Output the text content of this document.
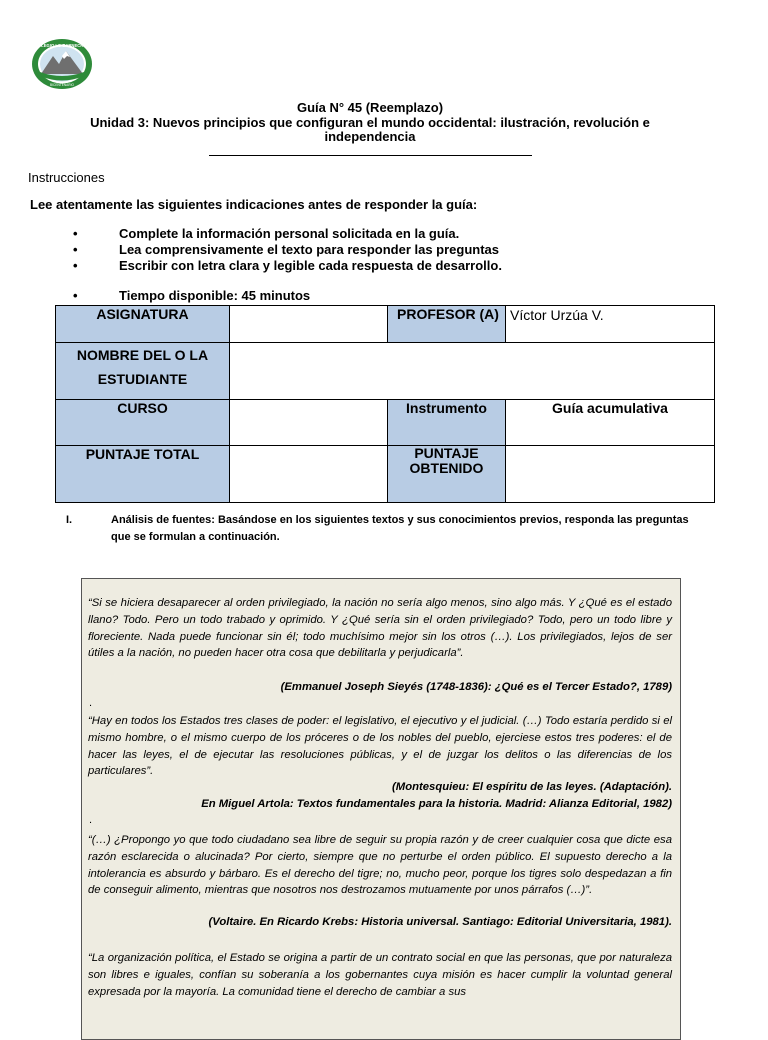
COLEGIO LO BARNECHEA
BICENTENARIO
Guía N° 45 (Reemplazo)
Unidad 3: Nuevos principios que configuran el mundo occidental: ilustración, revolución e
independencia
Instrucciones
Lee atentamente las siguientes indicaciones antes de responder la guía:
•	Complete la información personal solicitada en la guía.
•	Lea comprensivamente el texto para responder las preguntas
•	Escribir con letra clara y legible cada respuesta de desarrollo.
•	Tiempo disponible: 45 minutos
ASIGNATURA		PROFESOR (A)	Víctor Urzúa V.
NOMBRE DEL O LA ESTUDIANTE			
CURSO		Instrumento	Guía acumulativa
PUNTAJE TOTAL		PUNTAJE OBTENIDO	
I.	Análisis de fuentes: Basándose en los siguientes textos y sus conocimientos previos, responda las preguntas que se formulan a continuación.
“Si se hiciera desaparecer al orden privilegiado, la nación no sería algo menos, sino algo más. Y ¿Qué es el estado llano? Todo. Pero un todo trabado y oprimido. Y ¿Qué sería sin el orden privilegiado? Todo, pero un todo libre y floreciente. Nada puede funcionar sin él; todo muchísimo mejor sin los otros (…). Los privilegiados, lejos de ser útiles a la nación, no pueden hacer otra cosa que debilitarla y perjudicarla”.
(Emmanuel Joseph Sieyés (1748-1836): ¿Qué es el Tercer Estado?, 1789)
.
“Hay en todos los Estados tres clases de poder: el legislativo, el ejecutivo y el judicial. (…) Todo estaría perdido si el mismo hombre, o el mismo cuerpo de los próceres o de los nobles del pueblo, ejerciese estos tres poderes: el de hacer las leyes, el de ejecutar las resoluciones públicas, y el de juzgar los delitos o las diferencias de los particulares”.
(Montesquieu: El espíritu de las leyes. (Adaptación).
En Miguel Artola: Textos fundamentales para la historia. Madrid: Alianza Editorial, 1982)
.
“(…) ¿Propongo yo que todo ciudadano sea libre de seguir su propia razón y de creer cualquier cosa que dicte esa razón esclarecida o alucinada? Por cierto, siempre que no perturbe el orden público. El supuesto derecho a la intolerancia es absurdo y bárbaro. Es el derecho del tigre; no, mucho peor, porque los tigres solo despedazan a fin de conseguir alimento, mientras que nosotros nos destrozamos mutuamente por unos párrafos (…)”.
(Voltaire. En Ricardo Krebs: Historia universal. Santiago: Editorial Universitaria, 1981).
“La organización política, el Estado se origina a partir de un contrato social en que las personas, que por naturaleza son libres e iguales, confían su soberanía a los gobernantes cuya misión es hacer cumplir la voluntad general expresada por la mayoría. La comunidad tiene el derecho de cambiar a sus
